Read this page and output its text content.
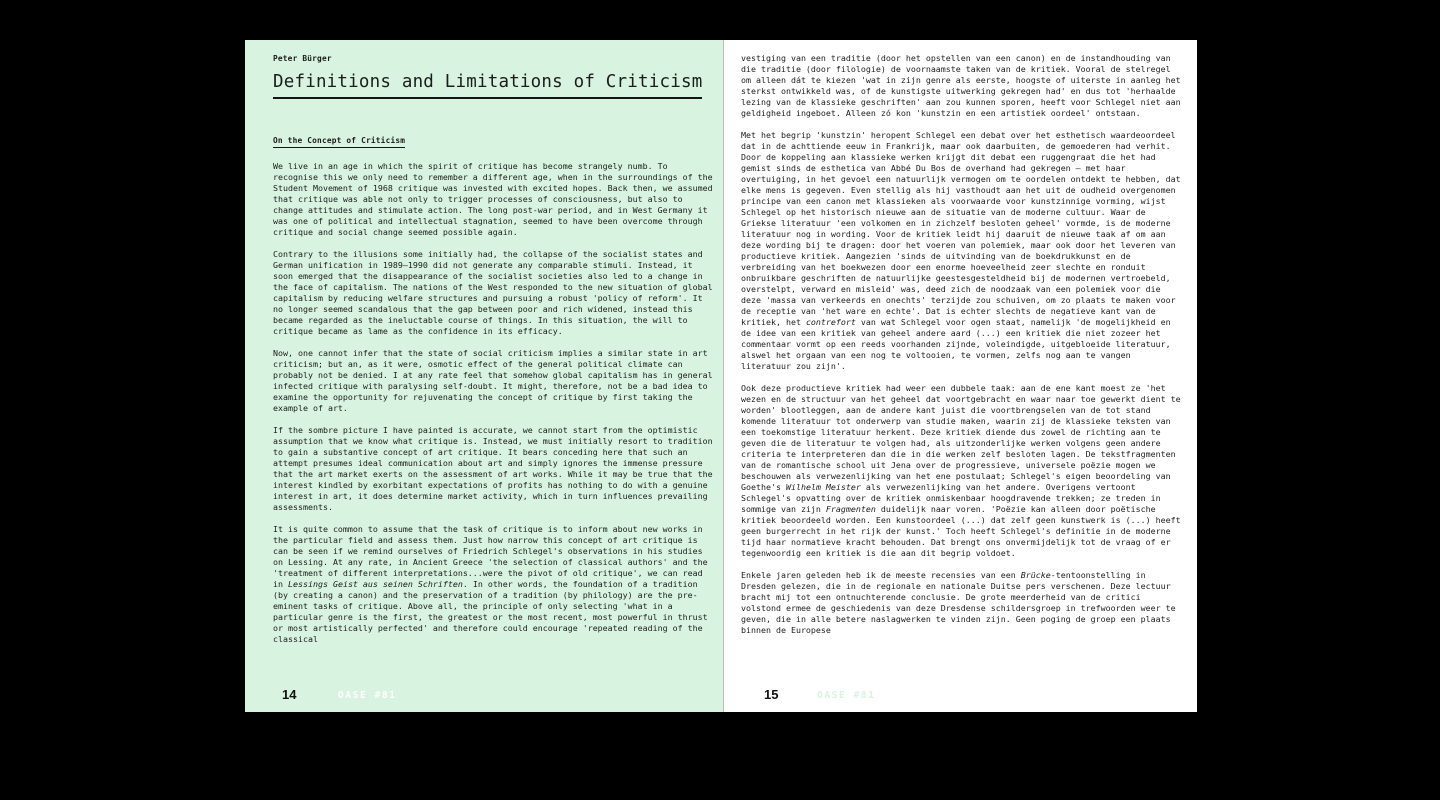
Peter Bürger
Definitions and Limitations of Criticism
On the Concept of Criticism

We live in an age in which the spirit of critique has become strangely numb. To recognise this we only need to remember a different age, when in the surroundings of the Student Movement of 1968 critique was invested with excited hopes. Back then, we assumed that critique was able not only to trigger processes of consciousness, but also to change attitudes and stimulate action. The long post-war period, and in West Germany it was one of political and intellectual stagnation, seemed to have been overcome through critique and social change seemed possible again.

Contrary to the illusions some initially had, the collapse of the socialist states and German unification in 1989–1990 did not generate any comparable stimuli. Instead, it soon emerged that the disappearance of the socialist societies also led to a change in the face of capitalism. The nations of the West responded to the new situation of global capitalism by reducing welfare structures and pursuing a robust 'policy of reform'. It no longer seemed scandalous that the gap between poor and rich widened, instead this became regarded as the ineluctable course of things. In this situation, the will to critique became as lame as the confidence in its efficacy.

Now, one cannot infer that the state of social criticism implies a similar state in art criticism; but an, as it were, osmotic effect of the general political climate can probably not be denied. I at any rate feel that somehow global capitalism has in general infected critique with paralysing self-doubt. It might, therefore, not be a bad idea to examine the opportunity for rejuvenating the concept of critique by first taking the example of art.

If the sombre picture I have painted is accurate, we cannot start from the optimistic assumption that we know what critique is. Instead, we must initially resort to tradition to gain a substantive concept of art critique. It bears conceding here that such an attempt presumes ideal communication about art and simply ignores the immense pressure that the art market exerts on the assessment of art works. While it may be true that the interest kindled by exorbitant expectations of profits has nothing to do with a genuine interest in art, it does determine market activity, which in turn influences prevailing assessments.

It is quite common to assume that the task of critique is to inform about new works in the particular field and assess them. Just how narrow this concept of art critique is can be seen if we remind ourselves of Friedrich Schlegel's observations in his studies on Lessing. At any rate, in Ancient Greece 'the selection of classical authors' and the 'treatment of different interpretations...were the pivot of old critique', we can read in Lessings Geist aus seinen Schriften. In other words, the foundation of a tradition (by creating a canon) and the preservation of a tradition (by philology) are the pre-eminent tasks of critique. Above all, the principle of only selecting 'what in a particular genre is the first, the greatest or the most recent, most powerful in thrust or most artistically perfected' and therefore could encourage 'repeated reading of the classical

14	OASE #81

vestiging van een traditie (door het opstellen van een canon) en de instandhouding van die traditie (door filologie) de voornaamste taken van de kritiek. Vooral de stelregel om alleen dát te kiezen 'wat in zijn genre als eerste, hoogste of uiterste in aanleg het sterkst ontwikkeld was, of de kunstigste uitwerking gekregen had' en dus tot 'herhaalde lezing van de klassieke geschriften' aan zou kunnen sporen, heeft voor Schlegel niet aan geldigheid ingeboet. Alleen zó kon 'kunstzin en een artistiek oordeel' ontstaan.

Met het begrip 'kunstzin' heropent Schlegel een debat over het esthetisch waardeoordeel dat in de achttiende eeuw in Frankrijk, maar ook daarbuiten, de gemoederen had verhit. Door de koppeling aan klassieke werken krijgt dit debat een ruggengraat die het had gemist sinds de esthetica van Abbé Du Bos de overhand had gekregen — met haar overtuiging, in het gevoel een natuurlijk vermogen om te oordelen ontdekt te hebben, dat elke mens is gegeven. Even stellig als hij vasthoudt aan het uit de oudheid overgenomen principe van een canon met klassieken als voorwaarde voor kunstzinnige vorming, wijst Schlegel op het historisch nieuwe aan de situatie van de moderne cultuur. Waar de Griekse literatuur 'een volkomen en in zichzelf besloten geheel' vormde, is de moderne literatuur nog in wording. Voor de kritiek leidt hij daaruit de nieuwe taak af om aan deze wording bij te dragen: door het voeren van polemiek, maar ook door het leveren van productieve kritiek. Aangezien 'sinds de uitvinding van de boekdrukkunst en de verbreiding van het boekwezen door een enorme hoeveelheid zeer slechte en ronduit onbruikbare geschriften de natuurlijke geestesgesteldheid bij de modernen vertroebeld, overstelpt, verward en misleid' was, deed zich de noodzaak van een polemiek voor die deze 'massa van verkeerds en onechts' terzijde zou schuiven, om zo plaats te maken voor de receptie van 'het ware en echte'. Dat is echter slechts de negatieve kant van de kritiek, het contrefort van wat Schlegel voor ogen staat, namelijk 'de mogelijkheid en de idee van een kritiek van geheel andere aard (...) een kritiek die niet zozeer het commentaar vormt op een reeds voorhanden zijnde, voleindigde, uitgebloeide literatuur, alswel het orgaan van een nog te voltooien, te vormen, zelfs nog aan te vangen literatuur zou zijn'.

Ook deze productieve kritiek had weer een dubbele taak: aan de ene kant moest ze 'het wezen en de structuur van het geheel dat voortgebracht en waar naar toe gewerkt dient te worden' blootleggen, aan de andere kant juist die voortbrengselen van de tot stand komende literatuur tot onderwerp van studie maken, waarin zij de klassieke teksten van een toekomstige literatuur herkent. Deze kritiek diende dus zowel de richting aan te geven die de literatuur te volgen had, als uitzonderlijke werken volgens geen andere criteria te interpreteren dan die in die werken zelf besloten lagen. De tekstfragmenten van de romantische school uit Jena over de progressieve, universele poëzie mogen we beschouwen als verwezenlijking van het ene postulaat; Schlegel's eigen beoordeling van Goethe's Wilhelm Meister als verwezenlijking van het andere. Overigens vertoont Schlegel's opvatting over de kritiek onmiskenbaar hoogdravende trekken; ze treden in sommige van zijn Fragmenten duidelijk naar voren. 'Poëzie kan alleen door poëtische kritiek beoordeeld worden. Een kunstoordeel (...) dat zelf geen kunstwerk is (...) heeft geen burgerrecht in het rijk der kunst.' Toch heeft Schlegel's definitie in de moderne tijd haar normatieve kracht behouden. Dat brengt ons onvermijdelijk tot de vraag of er tegenwoordig een kritiek is die aan dit begrip voldoet.

Enkele jaren geleden heb ik de meeste recensies van een Brücke-tentoonstelling in Dresden gelezen, die in de regionale en nationale Duitse pers verschenen. Deze lectuur bracht mij tot een ontnuchterende conclusie. De grote meerderheid van de critici volstond ermee de geschiedenis van deze Dresdense schildersgroep in trefwoorden weer te geven, die in alle betere naslagwerken te vinden zijn. Geen poging de groep een plaats binnen de Europese

15	OASE #81
